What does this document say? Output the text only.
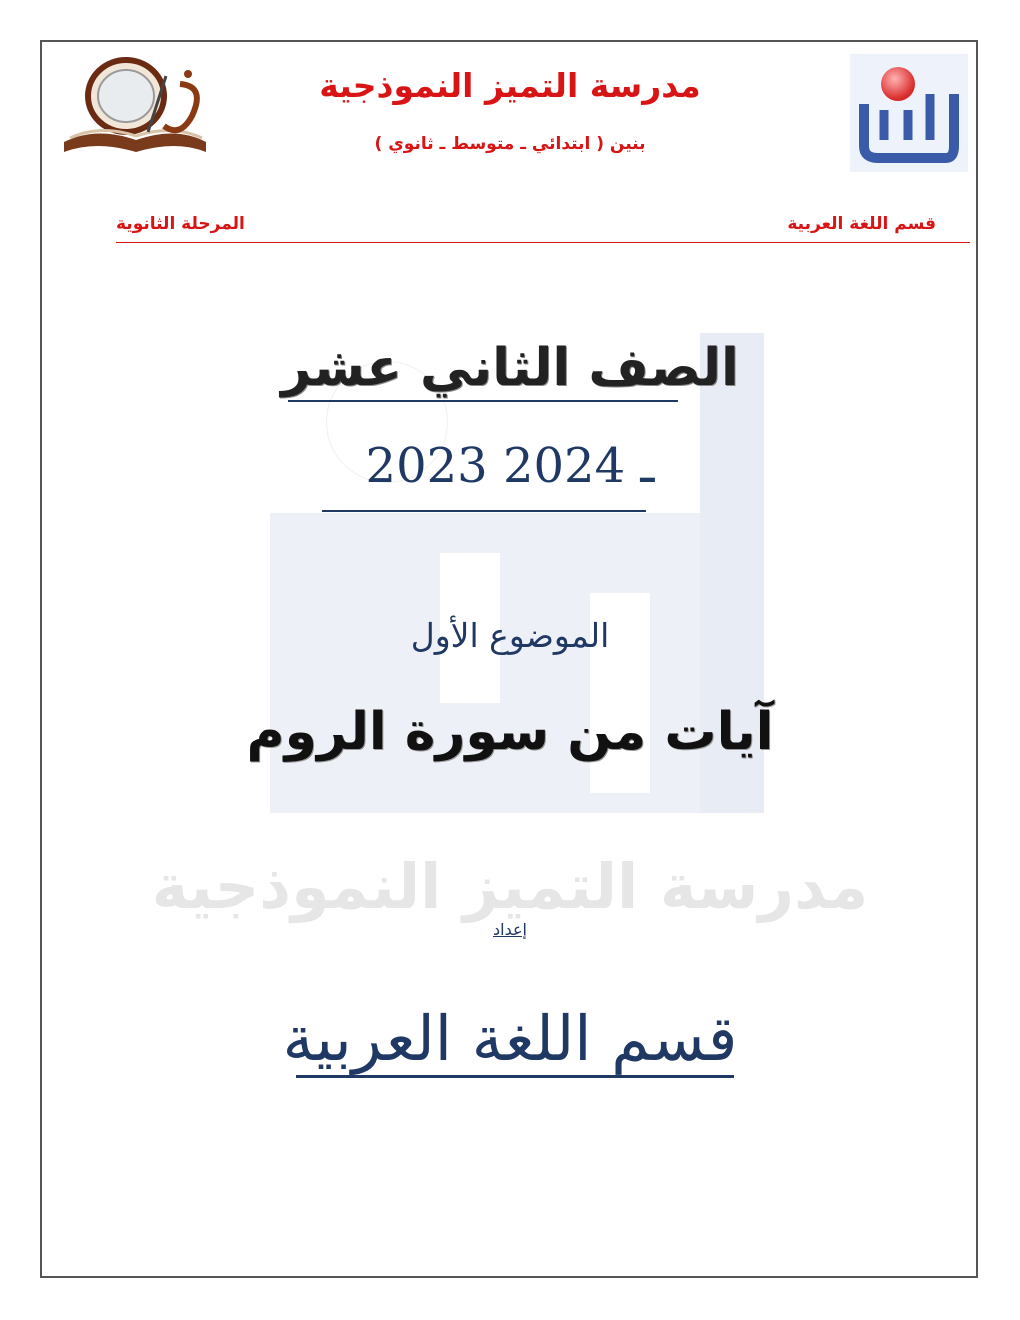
مدرسة التميز النموذجية
بنين ( ابتدائي ـ متوسط ـ ثانوي )
قسم اللغة العربية
المرحلة الثانوية
مدرسة التميز النموذجية
الصف الثاني عشر
2023 ـ 2024
الموضوع الأول
آيات من سورة الروم
إعداد
قسم اللغة العربية
